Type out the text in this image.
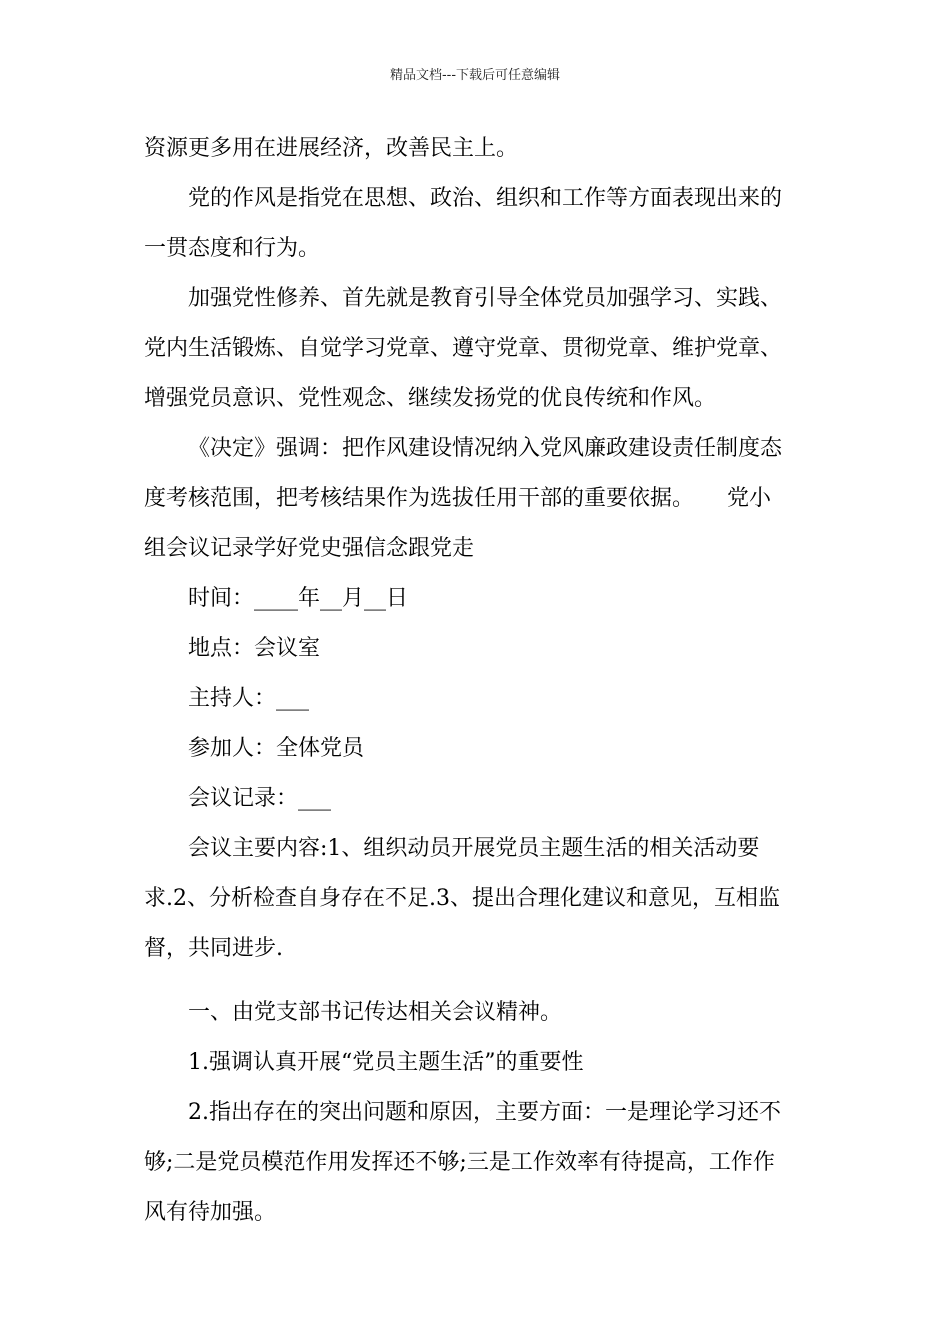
精品文档---下载后可任意编辑
资源更多用在进展经济，改善民主上。
党的作风是指党在思想、政治、组织和工作等方面表现出来的
一贯态度和行为。
加强党性修养、首先就是教育引导全体党员加强学习、实践、
党内生活锻炼、自觉学习党章、遵守党章、贯彻党章、维护党章、
增强党员意识、党性观念、继续发扬党的优良传统和作风。
《决定》强调：把作风建设情况纳入党风廉政建设责任制度态
度考核范围，把考核结果作为选拔任用干部的重要依据。　　党小
组会议记录学好党史强信念跟党走
时间：____年__月__日
地点：会议室
主持人：___
参加人：全体党员
会议记录：___
会议主要内容:1、组织动员开展党员主题生活的相关活动要
求.2、分析检查自身存在不足.3、提出合理化建议和意见，互相监
督，共同进步.
一、由党支部书记传达相关会议精神。
1.强调认真开展“党员主题生活”的重要性
2.指出存在的突出问题和原因，主要方面：一是理论学习还不
够;二是党员模范作用发挥还不够;三是工作效率有待提高，工作作
风有待加强。
